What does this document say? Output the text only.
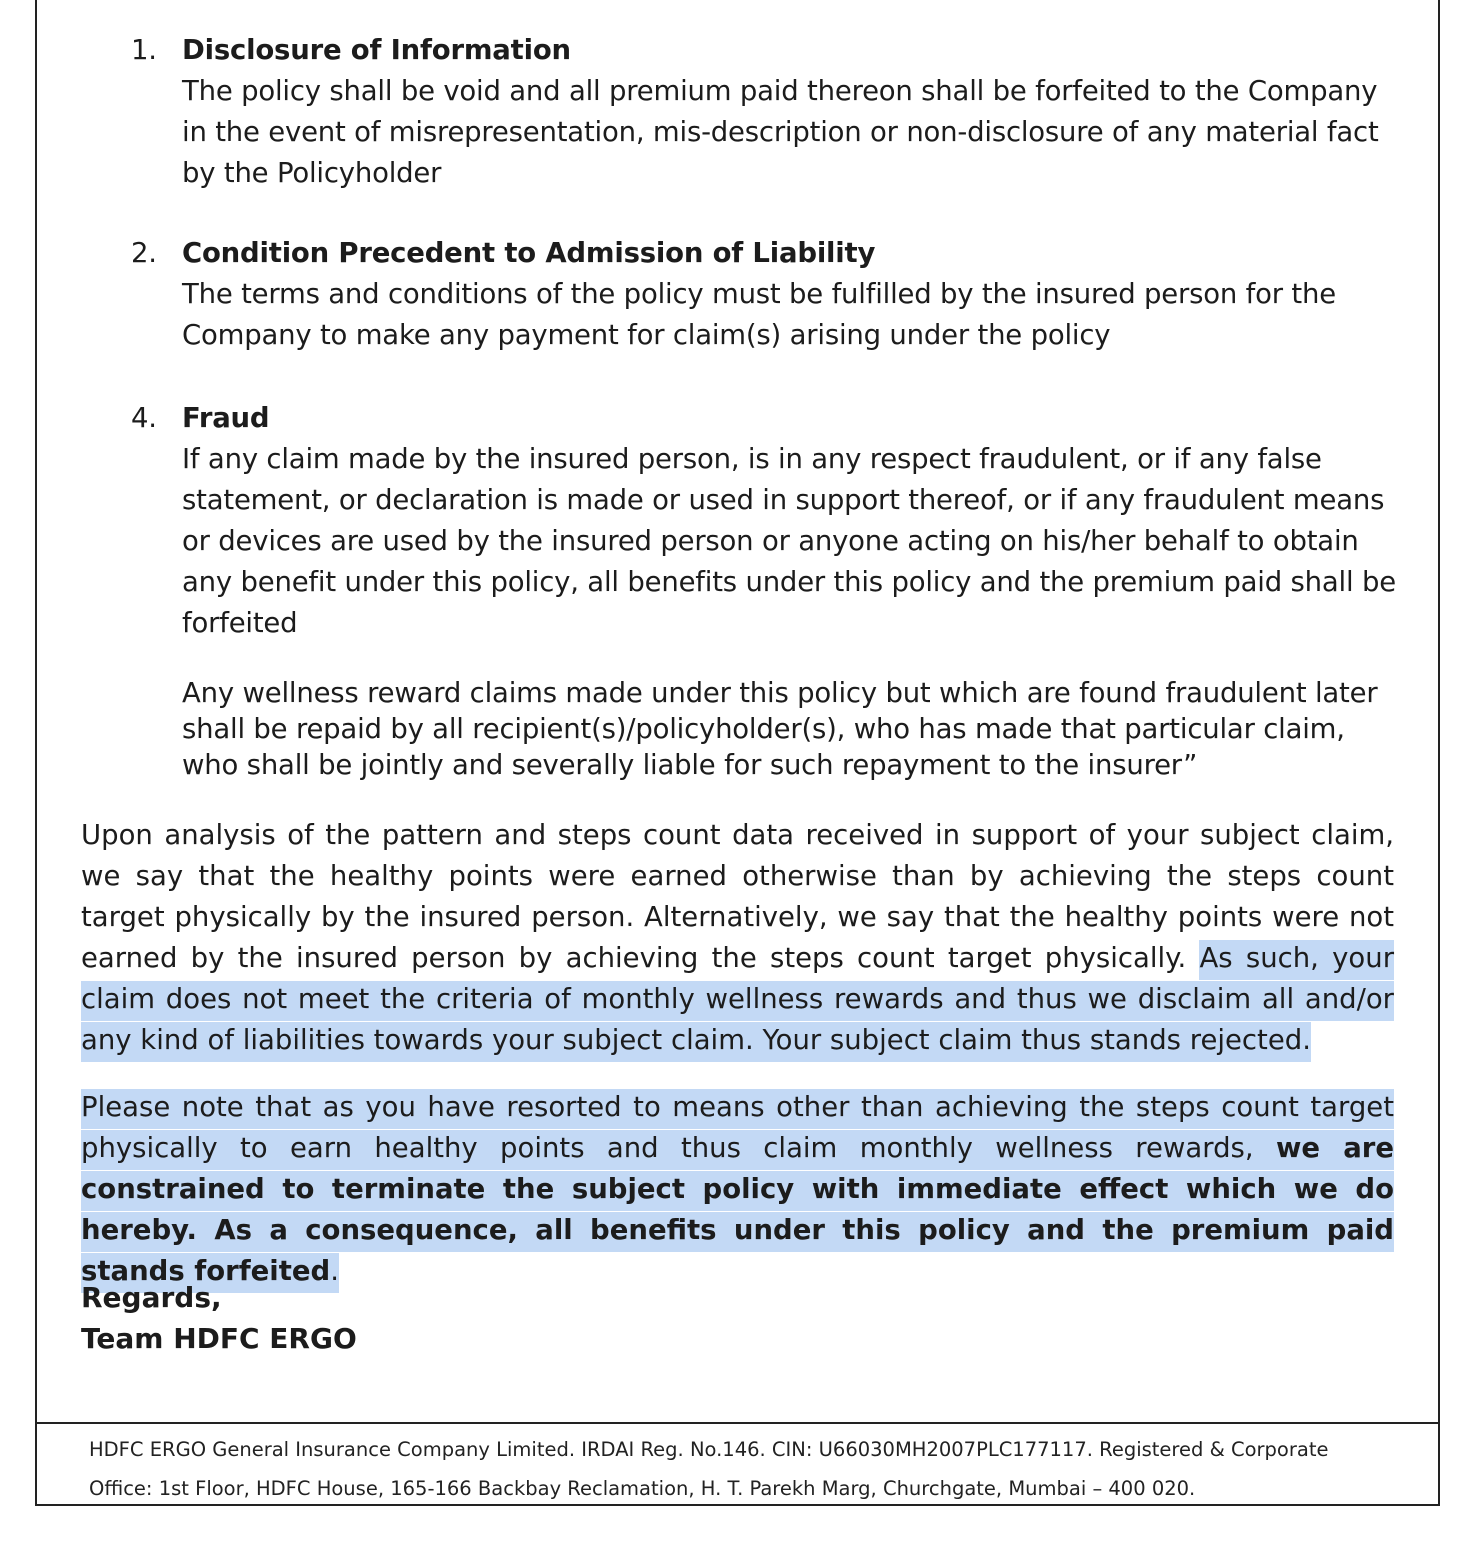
1. Disclosure of Information
The policy shall be void and all premium paid thereon shall be forfeited to the Company in the event of misrepresentation, mis-description or non-disclosure of any material fact by the Policyholder
2. Condition Precedent to Admission of Liability
The terms and conditions of the policy must be fulfilled by the insured person for the Company to make any payment for claim(s) arising under the policy
4. Fraud
If any claim made by the insured person, is in any respect fraudulent, or if any false statement, or declaration is made or used in support thereof, or if any fraudulent means or devices are used by the insured person or anyone acting on his/her behalf to obtain any benefit under this policy, all benefits under this policy and the premium paid shall be forfeited
Any wellness reward claims made under this policy but which are found fraudulent later shall be repaid by all recipient(s)/policyholder(s), who has made that particular claim, who shall be jointly and severally liable for such repayment to the insurer”
Upon analysis of the pattern and steps count data received in support of your subject claim, we say that the healthy points were earned otherwise than by achieving the steps count target physically by the insured person. Alternatively, we say that the healthy points were not earned by the insured person by achieving the steps count target physically. As such, your claim does not meet the criteria of monthly wellness rewards and thus we disclaim all and/or any kind of liabilities towards your subject claim. Your subject claim thus stands rejected.
Please note that as you have resorted to means other than achieving the steps count target physically to earn healthy points and thus claim monthly wellness rewards, we are constrained to terminate the subject policy with immediate effect which we do hereby. As a consequence, all benefits under this policy and the premium paid stands forfeited.
Regards,
Team HDFC ERGO
HDFC ERGO General Insurance Company Limited. IRDAI Reg. No.146. CIN: U66030MH2007PLC177117. Registered & Corporate
Office: 1st Floor, HDFC House, 165-166 Backbay Reclamation, H. T. Parekh Marg, Churchgate, Mumbai – 400 020.
